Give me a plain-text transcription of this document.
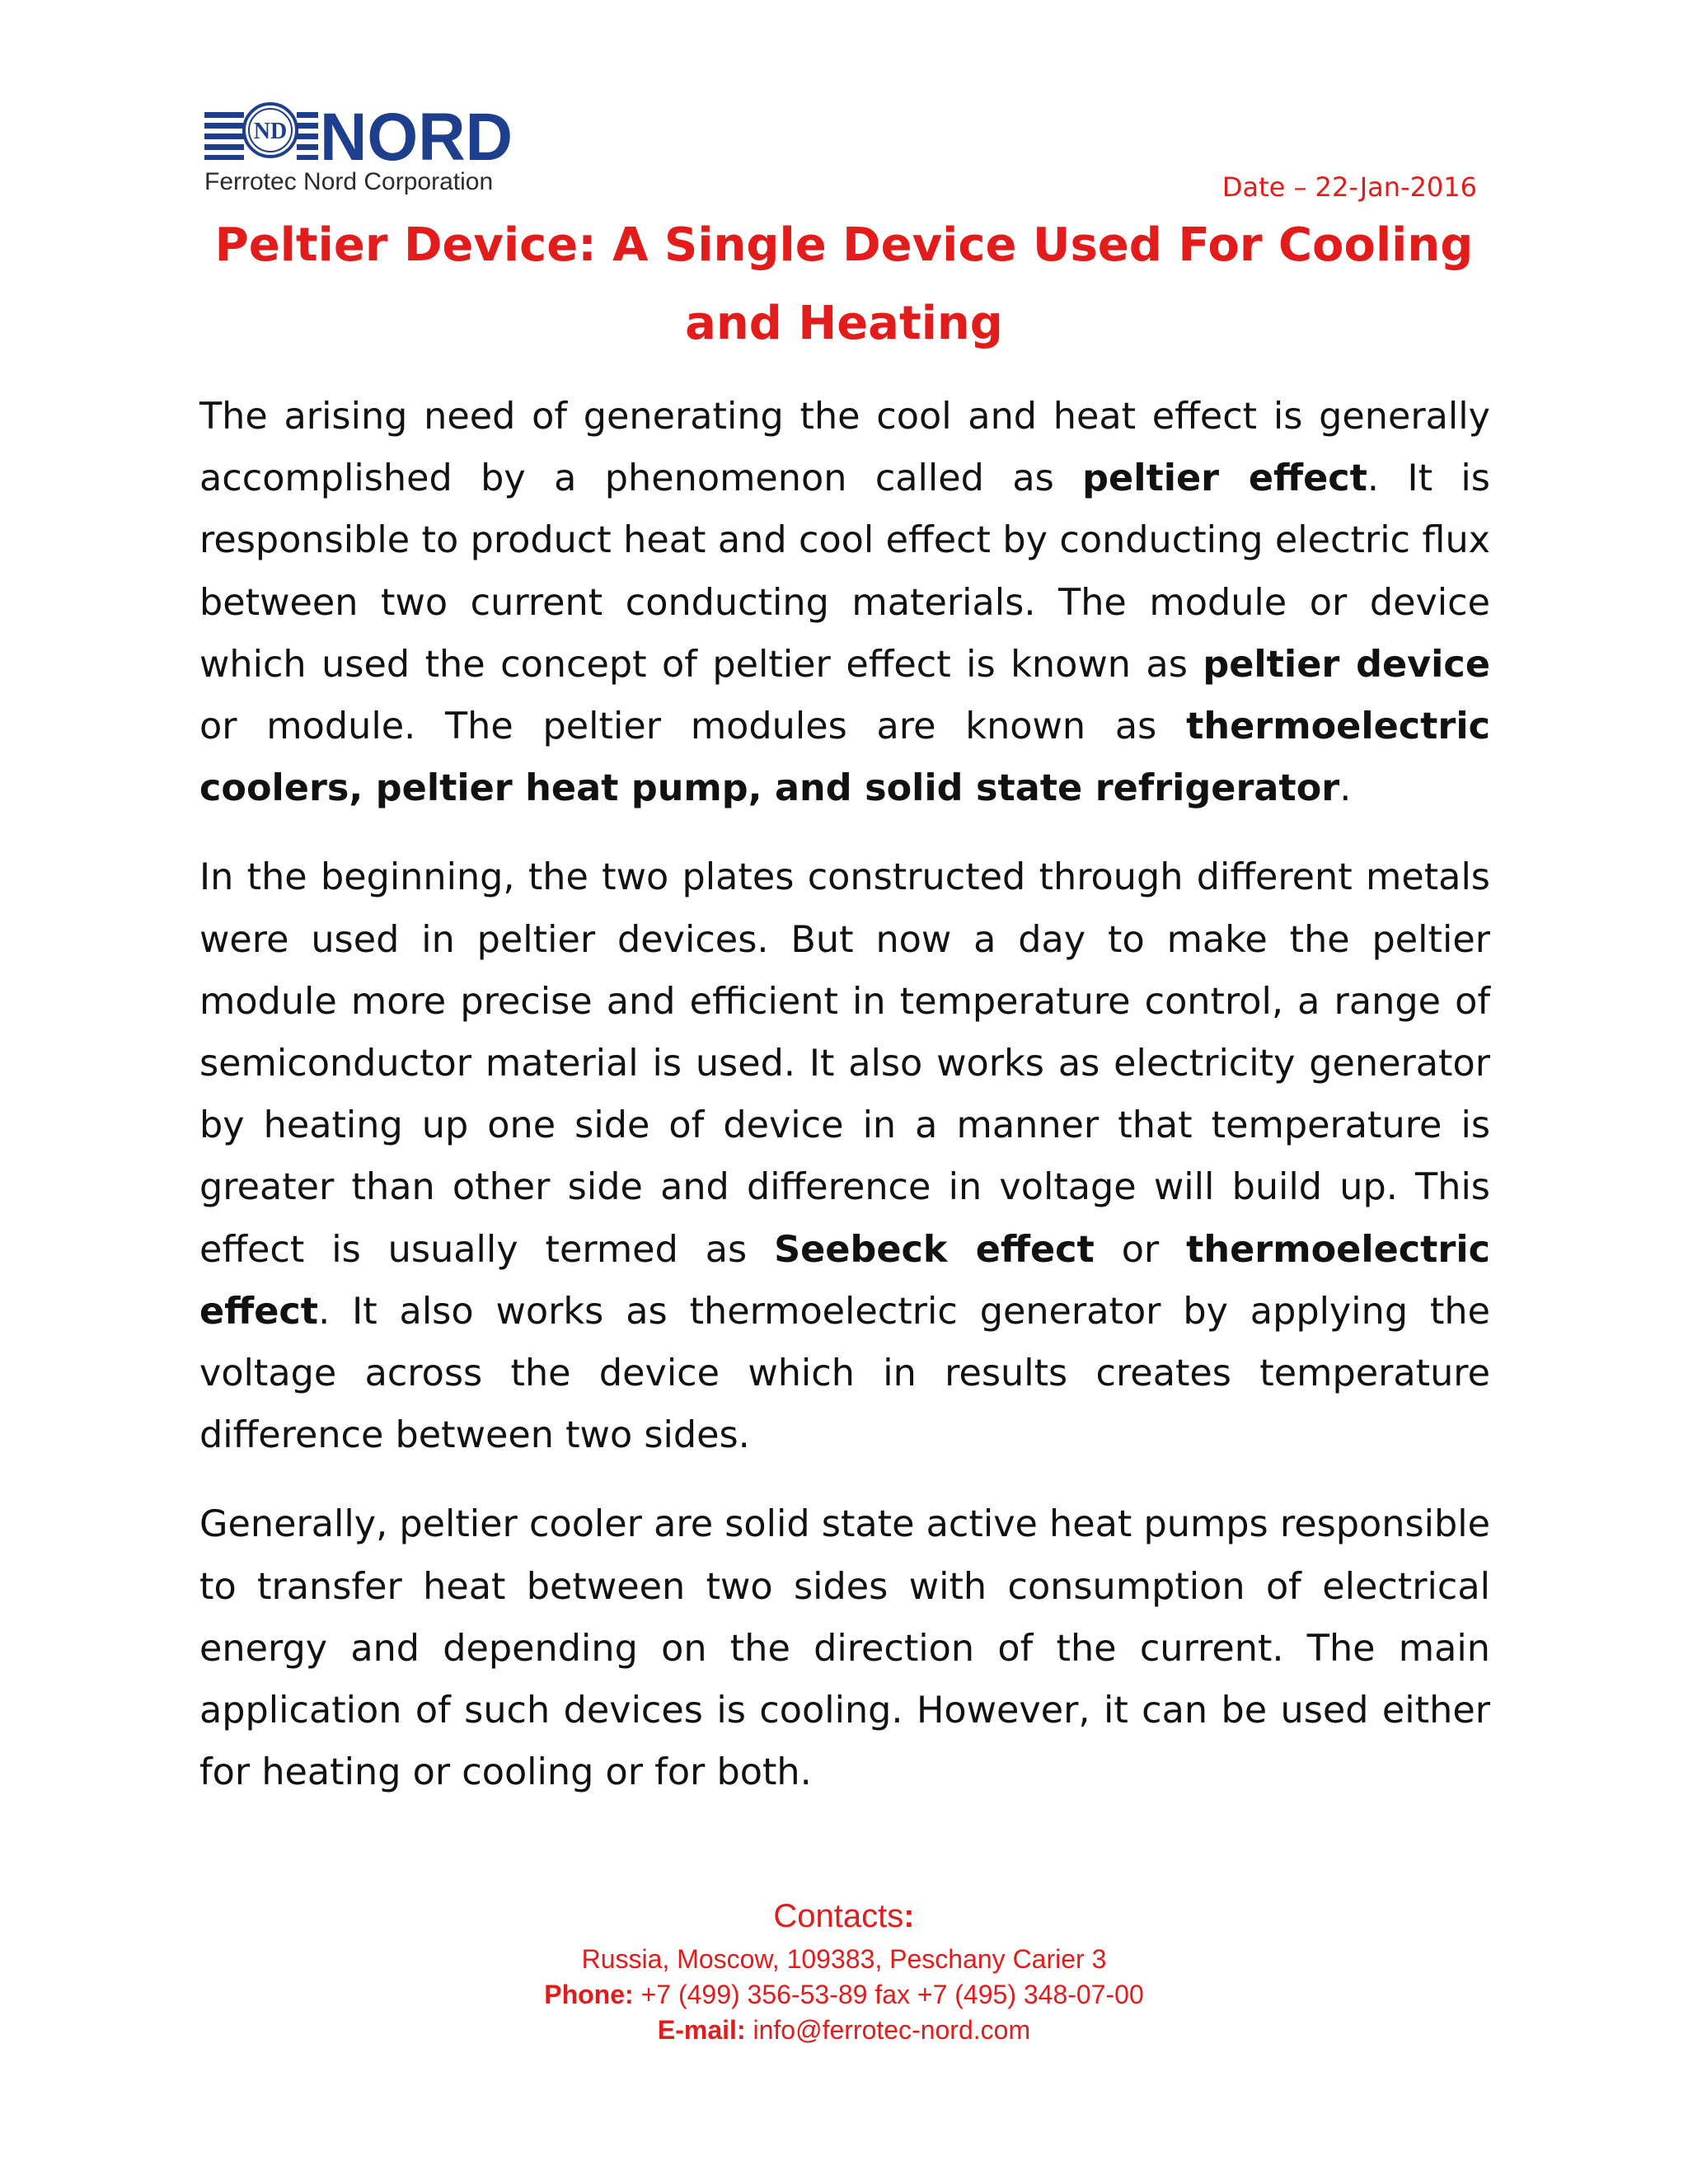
ND NORD
Ferrotec Nord Corporation	Date – 22-Jan-2016
Peltier Device: A Single Device Used For Cooling and Heating

The arising need of generating the cool and heat effect is generally accomplished by a phenomenon called as peltier effect. It is responsible to product heat and cool effect by conducting electric flux between two current conducting materials. The module or device which used the concept of peltier effect is known as peltier device or module. The peltier modules are known as thermoelectric coolers, peltier heat pump, and solid state refrigerator.

In the beginning, the two plates constructed through different metals were used in peltier devices. But now a day to make the peltier module more precise and efficient in temperature control, a range of semiconductor material is used. It also works as electricity generator by heating up one side of device in a manner that temperature is greater than other side and difference in voltage will build up. This effect is usually termed as Seebeck effect or thermoelectric effect. It also works as thermoelectric generator by applying the voltage across the device which in results creates temperature difference between two sides.

Generally, peltier cooler are solid state active heat pumps responsible to transfer heat between two sides with consumption of electrical energy and depending on the direction of the current. The main application of such devices is cooling. However, it can be used either for heating or cooling or for both.

Contacts:
Russia, Moscow, 109383, Peschany Carier 3
Phone: +7 (499) 356-53-89 fax +7 (495) 348-07-00
E-mail: info@ferrotec-nord.com
